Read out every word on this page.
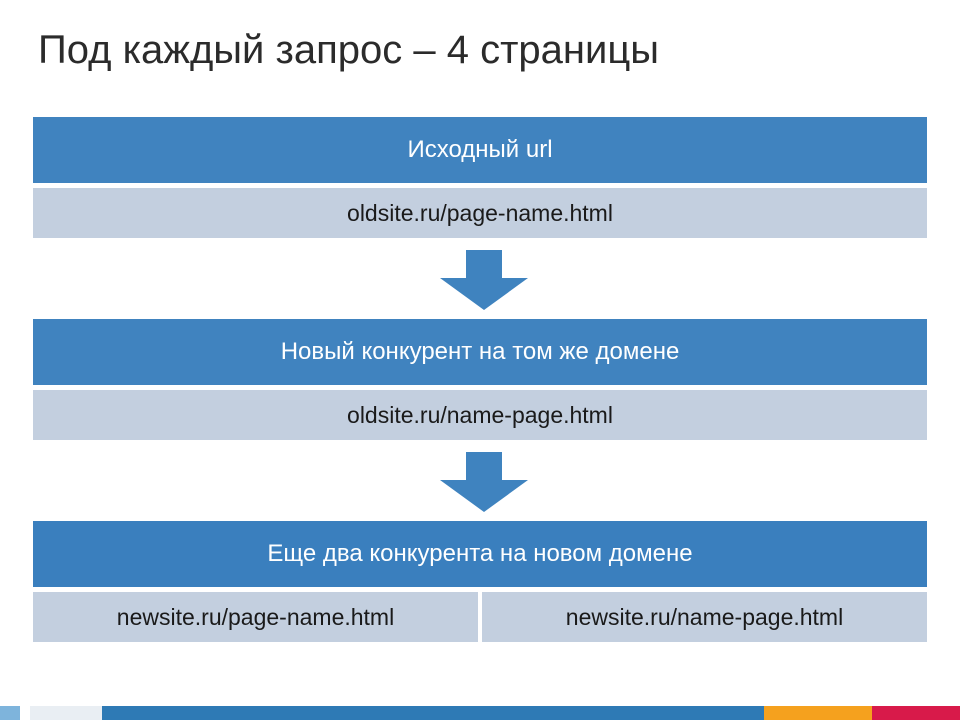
Под каждый запрос – 4 страницы
Исходный url
oldsite.ru/page-name.html
Новый конкурент на том же домене
oldsite.ru/name-page.html
Еще два конкурента на новом домене
newsite.ru/page-name.html	newsite.ru/name-page.html
